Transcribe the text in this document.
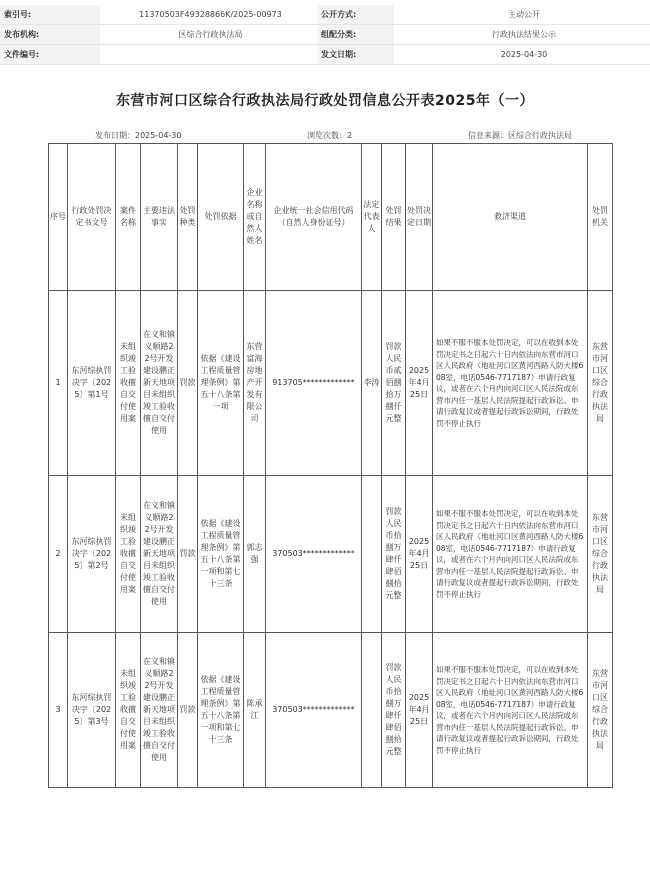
索引号:	11370503F49328866K/2025-00973	公开方式:	主动公开
发布机构:	区综合行政执法局	组配分类:	行政执法结果公示
文件编号:		发文日期:	2025-04-30
东营市河口区综合行政执法局行政处罚信息公开表2025年（一）
发布日期：2025-04-30	浏览次数：2	信息来源：区综合行政执法局
序号	行政处罚决定书文号	案件名称	主要违法事实	处罚种类	处罚依据	企业名称或自然人姓名	企业统一社会信用代码（自然人身份证号）	法定代表人	处罚结果	处罚决定日期	救济渠道	处罚机关
1	东河综执罚决字〔2025〕第1号	未组织竣工验收擅自交付使用案	在义和镇义顺路22号开发建设鹏正新天地项目未组织竣工验收擅自交付使用	罚款	依据《建设工程质量管理条例》第五十八条第一项	东营富海房地产开发有限公司	913705*************	李涛	罚款人民币贰佰捌拾万捌仟元整	2025年4月25日	如果不服不服本处罚决定，可以在收到本处罚决定书之日起六十日内依法向东营市河口区人民政府（地址河口区黄河西路人防大楼608室，电话0546-7717187）申请行政复议，或者在六个月内向河口区人民法院或东营市内任一基层人民法院提起行政诉讼。申请行政复议或者提起行政诉讼期间，行政处罚不停止执行	东营市河口区综合行政执法局
2	东河综执罚决字〔2025〕第2号	未组织竣工验收擅自交付使用案	在义和镇义顺路22号开发建设鹏正新天地项目未组织竣工验收擅自交付使用	罚款	依据《建设工程质量管理条例》第五十八条第一项和第七十三条	郭志强	370503*************		罚款人民币拾捌万肆仟肆佰捌拾元整	2025年4月25日	如果不服不服本处罚决定，可以在收到本处罚决定书之日起六十日内依法向东营市河口区人民政府（地址河口区黄河西路人防大楼608室，电话0546-7717187）申请行政复议，或者在六个月内向河口区人民法院或东营市内任一基层人民法院提起行政诉讼。申请行政复议或者提起行政诉讼期间，行政处罚不停止执行	东营市河口区综合行政执法局
3	东河综执罚决字〔2025〕第3号	未组织竣工验收擅自交付使用案	在义和镇义顺路22号开发建设鹏正新天地项目未组织竣工验收擅自交付使用	罚款	依据《建设工程质量管理条例》第五十八条第一项和第七十三条	陈承江	370503*************		罚款人民币拾捌万肆仟肆佰捌拾元整	2025年4月25日	如果不服不服本处罚决定，可以在收到本处罚决定书之日起六十日内依法向东营市河口区人民政府（地址河口区黄河西路人防大楼608室，电话0546-7717187）申请行政复议，或者在六个月内向河口区人民法院或东营市内任一基层人民法院提起行政诉讼。申请行政复议或者提起行政诉讼期间，行政处罚不停止执行	东营市河口区综合行政执法局
